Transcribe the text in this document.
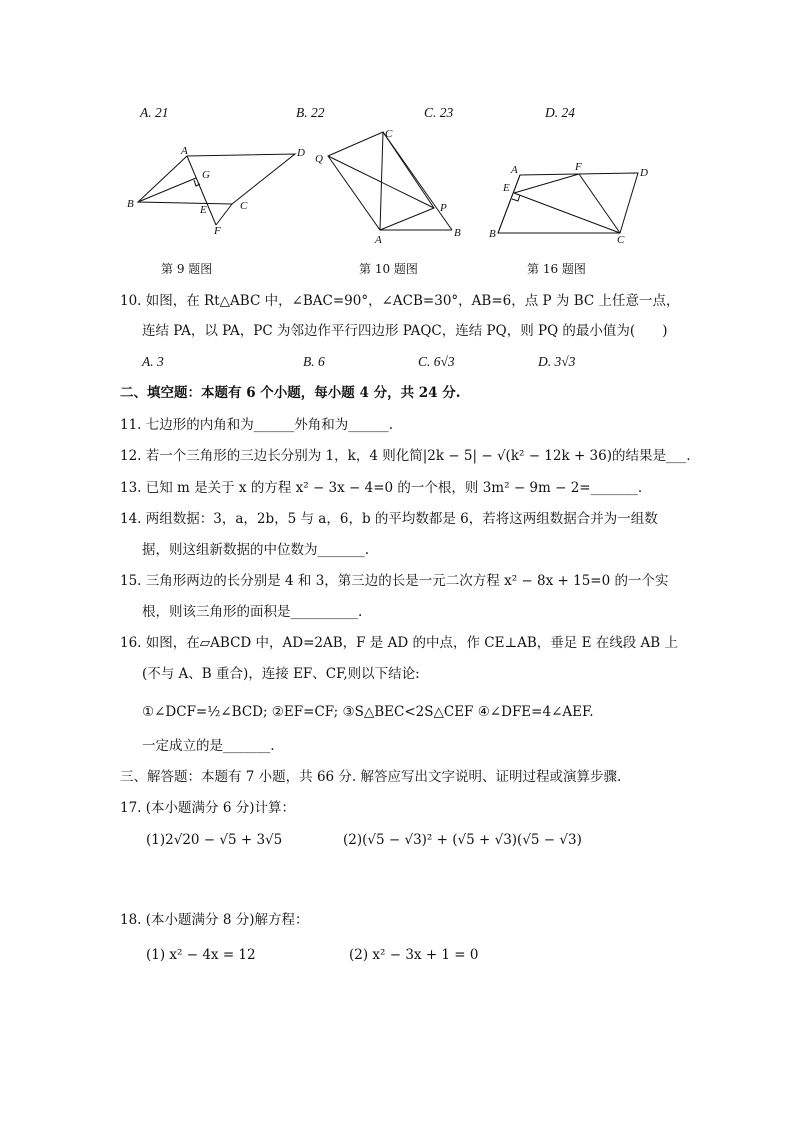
A. 21	B. 22	C. 23	D. 24
A	D
B	C
E
G
F
第 9 题图
C
Q
P
A
B
第 10 题图
A	F	D
E
B	C
第 16 题图
10. 如图，在 Rt△ABC 中，∠BAC=90°，∠ACB=30°，AB=6，点 P 为 BC 上任意一点，
连结 PA，以 PA，PC 为邻边作平行四边形 PAQC，连结 PQ，则 PQ 的最小值为(　　)
A. 3	B. 6	C. 6√3	D. 3√3
二、填空题：本题有 6 个小题，每小题 4 分，共 24 分.
11. 七边形的内角和为______外角和为______.
12. 若一个三角形的三边长分别为 1，k，4 则化简|2k − 5| − √(k² − 12k + 36)的结果是___.
13. 已知 m 是关于 x 的方程 x² − 3x − 4=0 的一个根，则 3m² − 9m − 2=_______.
14. 两组数据：3，a，2b，5 与 a，6，b 的平均数都是 6，若将这两组数据合并为一组数
据，则这组新数据的中位数为_______.
15. 三角形两边的长分别是 4 和 3，第三边的长是一元二次方程 x² − 8x + 15=0 的一个实
根，则该三角形的面积是__________.
16. 如图，在▱ABCD 中，AD=2AB，F 是 AD 的中点，作 CE⊥AB，垂足 E 在线段 AB 上
(不与 A、B 重合)，连接 EF、CF,则以下结论:
①∠DCF=½∠BCD; ②EF=CF; ③S△BEC<2S△CEF ④∠DFE=4∠AEF.
一定成立的是_______.
三、解答题：本题有 7 小题，共 66 分. 解答应写出文字说明、证明过程或演算步骤.
17. (本小题满分 6 分)计算：
(1)2√20 − √5 + 3√5	(2)(√5 − √3)² + (√5 + √3)(√5 − √3)
18. (本小题满分 8 分)解方程：
(1) x² − 4x = 12	(2) x² − 3x + 1 = 0
